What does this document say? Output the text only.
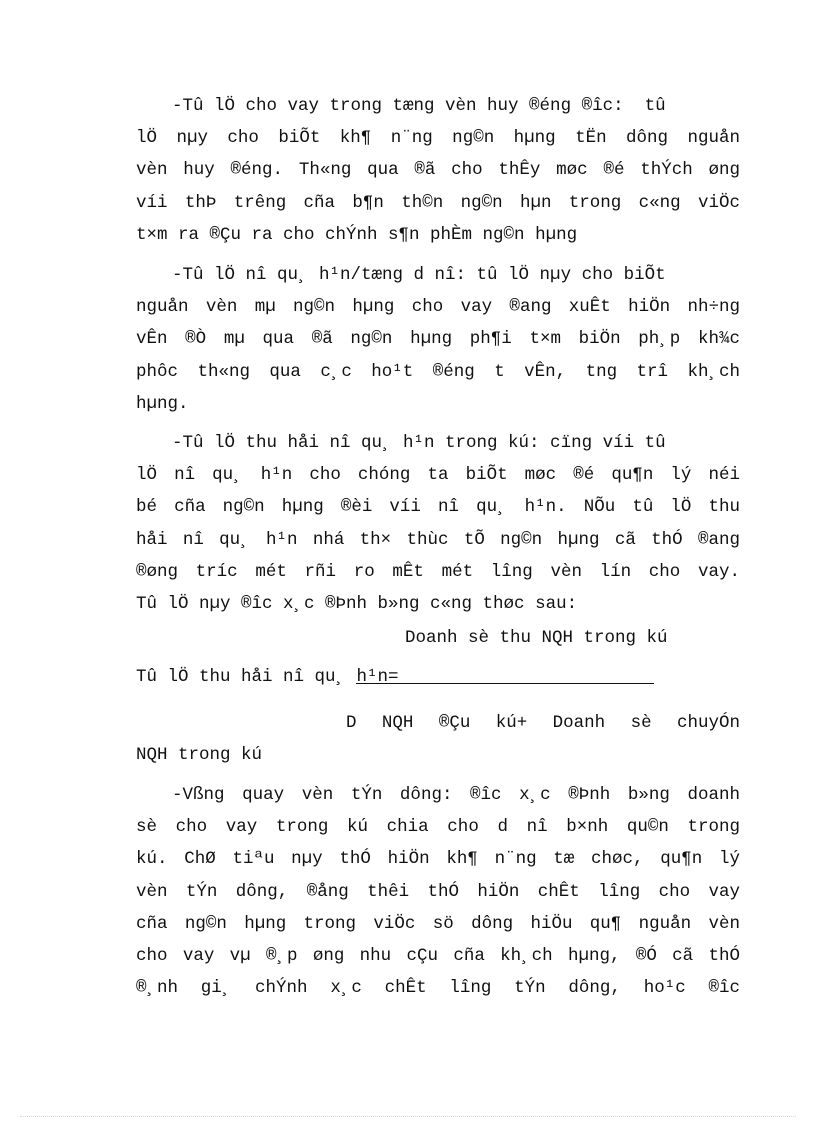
-Tû lÖ cho vay trong tæng vèn huy ®éng ®îc:  tû
lÖ nµy cho biÕt kh¶ n¨ng ng©n hµng tËn dông nguån
vèn huy ®éng. Th«ng qua ®ã cho thÊy møc ®é thÝch øng
víi thÞ trêng cña b¶n th©n ng©n hµn trong c«ng viÖc
t×m ra ®Çu ra cho chÝnh s¶n phÈm ng©n hµng
-Tû lÖ nî qu¸ h¹n/tæng d nî: tû lÖ nµy cho biÕt
nguån vèn mµ ng©n hµng cho vay ®ang xuÊt hiÖn nh÷ng
vÊn ®Ò mµ qua ®ã ng©n hµng ph¶i t×m biÖn ph¸p kh¾c
phôc th«ng qua c¸c ho¹t ®éng t vÊn, tng trî kh¸ch
hµng.
-Tû lÖ thu håi nî qu¸ h¹n trong kú: cïng víi tû
lÖ nî qu¸ h¹n cho chóng ta biÕt møc ®é qu¶n lý néi
bé cña ng©n hµng ®èi víi nî qu¸ h¹n. NÕu tû lÖ thu
håi nî qu¸ h¹n nhá th× thùc tÕ ng©n hµng cã thÓ ®ang
®øng tríc mét rñi ro mÊt mét lîng vèn lín cho vay.
Tû lÖ nµy ®îc x¸c ®Þnh b»ng c«ng thøc sau:
Doanh sè thu NQH trong kú
Tû lÖ thu håi nî qu¸ h¹n=
D NQH ®Çu kú+ Doanh sè chuyÓn
NQH trong kú
-Vßng quay vèn tÝn dông: ®îc x¸c ®Þnh b»ng doanh
sè cho vay trong kú chia cho d nî b×nh qu©n trong
kú. ChØ tiªu nµy thÓ hiÖn kh¶ n¨ng tæ chøc, qu¶n lý
vèn tÝn dông, ®ång thêi thÓ hiÖn chÊt lîng cho vay
cña ng©n hµng trong viÖc sö dông hiÖu qu¶ nguån vèn
cho vay vµ ®¸p øng nhu cÇu cña kh¸ch hµng, ®Ó cã thÓ
®¸nh gi¸ chÝnh x¸c chÊt lîng tÝn dông, ho¹c ®îc
